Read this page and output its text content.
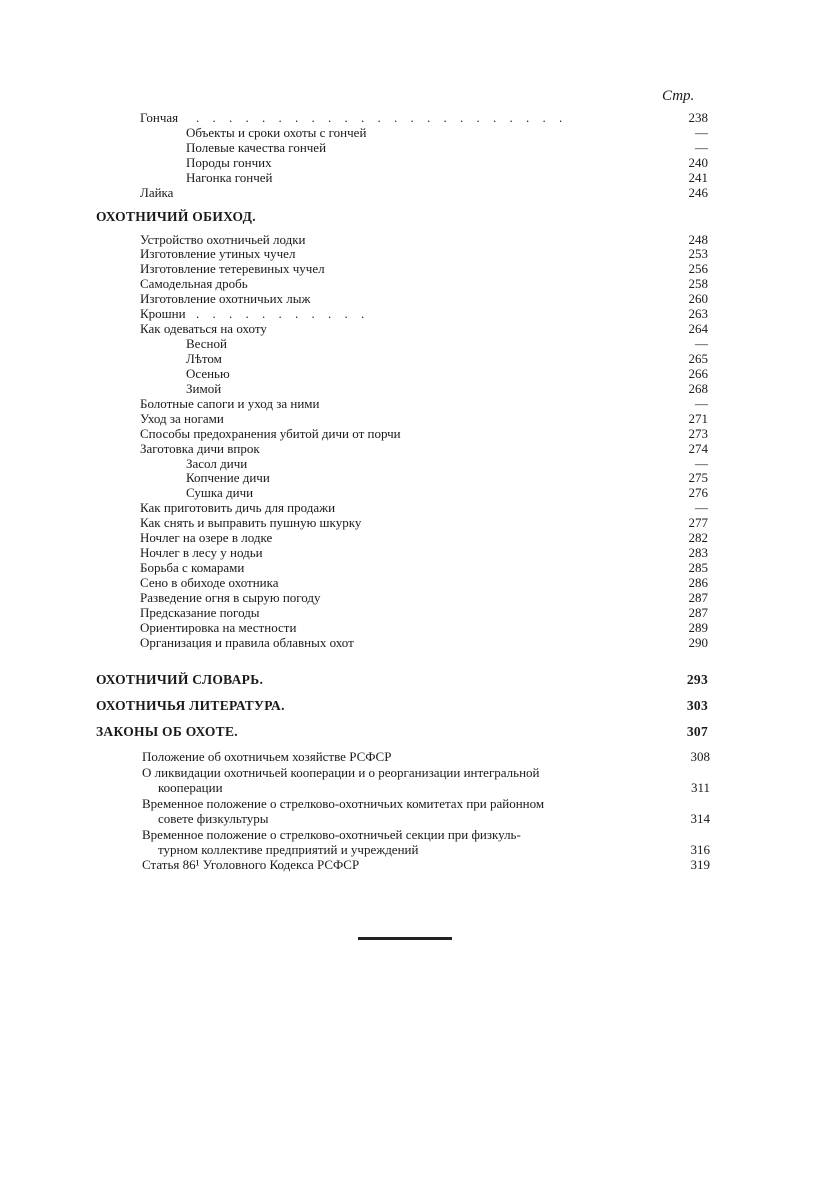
Стр.
Гончая . . . . . . . . . . . . . . . . . . . . . . .	238
Объекты и сроки охоты с гончей	—
Полевые качества гончей	—
Породы гончих	240
Нагонка гончей	241
Лайка	246
ОХОТНИЧИЙ ОБИХОД.
Устройство охотничьей лодки	248
Изготовление утиных чучел	253
Изготовление тетеревиных чучел	256
Самодельная дробь	258
Изготовление охотничьих лыж	260
Крошни . . . . . . . . . . .	263
Как одеваться на охоту	264
Весной	—
Лѣтом	265
Осенью	266
Зимой	268
Болотные сапоги и уход за ними	—
Уход за ногами	271
Способы предохранения убитой дичи от порчи	273
Заготовка дичи впрок	274
Засол дичи	—
Копчение дичи	275
Сушка дичи	276
Как приготовить дичь для продажи	—
Как снять и выправить пушную шкурку	277
Ночлег на озере в лодке	282
Ночлег в лесу у нодьи	283
Борьба с комарами	285
Сено в обиходе охотника	286
Разведение огня в сырую погоду	287
Предсказание погоды	287
Ориентировка на местности	289
Организация и правила облавных охот	290
ОХОТНИЧИЙ СЛОВАРЬ.	293
ОХОТНИЧЬЯ ЛИТЕРАТУРА.	303
ЗАКОНЫ ОБ ОХОТЕ.	307
Положение об охотничьем хозяйстве РСФСР	308
О ликвидации охотничьей кооперации и о реорганизации интегральной
кооперации	311
Временное положение о стрелково-охотничьих комитетах при районном
совете физкультуры	314
Временное положение о стрелково-охотничьей секции при физкуль-
турном коллективе предприятий и учреждений	316
Статья 86¹ Уголовного Кодекса РСФСР	319
